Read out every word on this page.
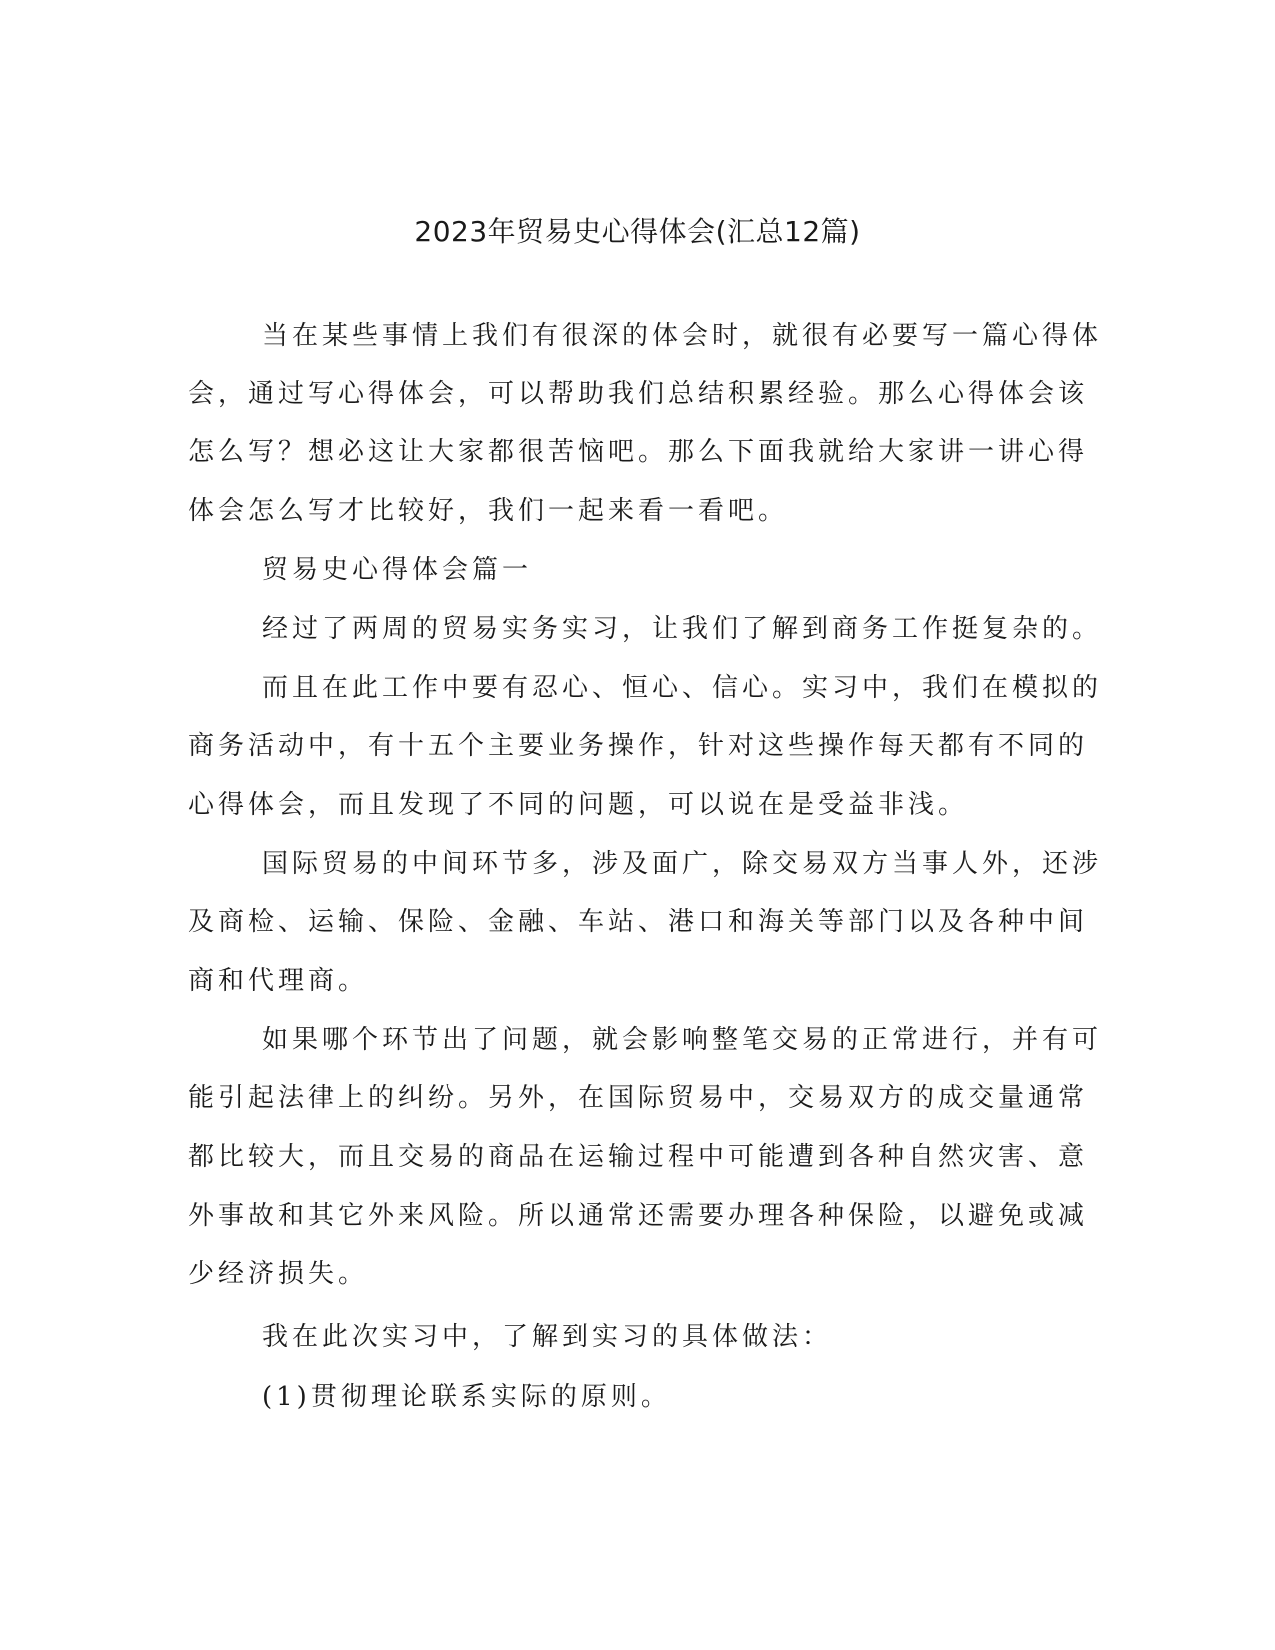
2023年贸易史心得体会(汇总12篇)
当在某些事情上我们有很深的体会时，就很有必要写一篇心得体
会，通过写心得体会，可以帮助我们总结积累经验。那么心得体会该
怎么写？想必这让大家都很苦恼吧。那么下面我就给大家讲一讲心得
体会怎么写才比较好，我们一起来看一看吧。
贸易史心得体会篇一
经过了两周的贸易实务实习，让我们了解到商务工作挺复杂的。
而且在此工作中要有忍心、恒心、信心。实习中，我们在模拟的
商务活动中，有十五个主要业务操作，针对这些操作每天都有不同的
心得体会，而且发现了不同的问题，可以说在是受益非浅。
国际贸易的中间环节多，涉及面广，除交易双方当事人外，还涉
及商检、运输、保险、金融、车站、港口和海关等部门以及各种中间
商和代理商。
如果哪个环节出了问题，就会影响整笔交易的正常进行，并有可
能引起法律上的纠纷。另外，在国际贸易中，交易双方的成交量通常
都比较大，而且交易的商品在运输过程中可能遭到各种自然灾害、意
外事故和其它外来风险。所以通常还需要办理各种保险，以避免或减
少经济损失。
我在此次实习中，了解到实习的具体做法：
(1)贯彻理论联系实际的原则。
